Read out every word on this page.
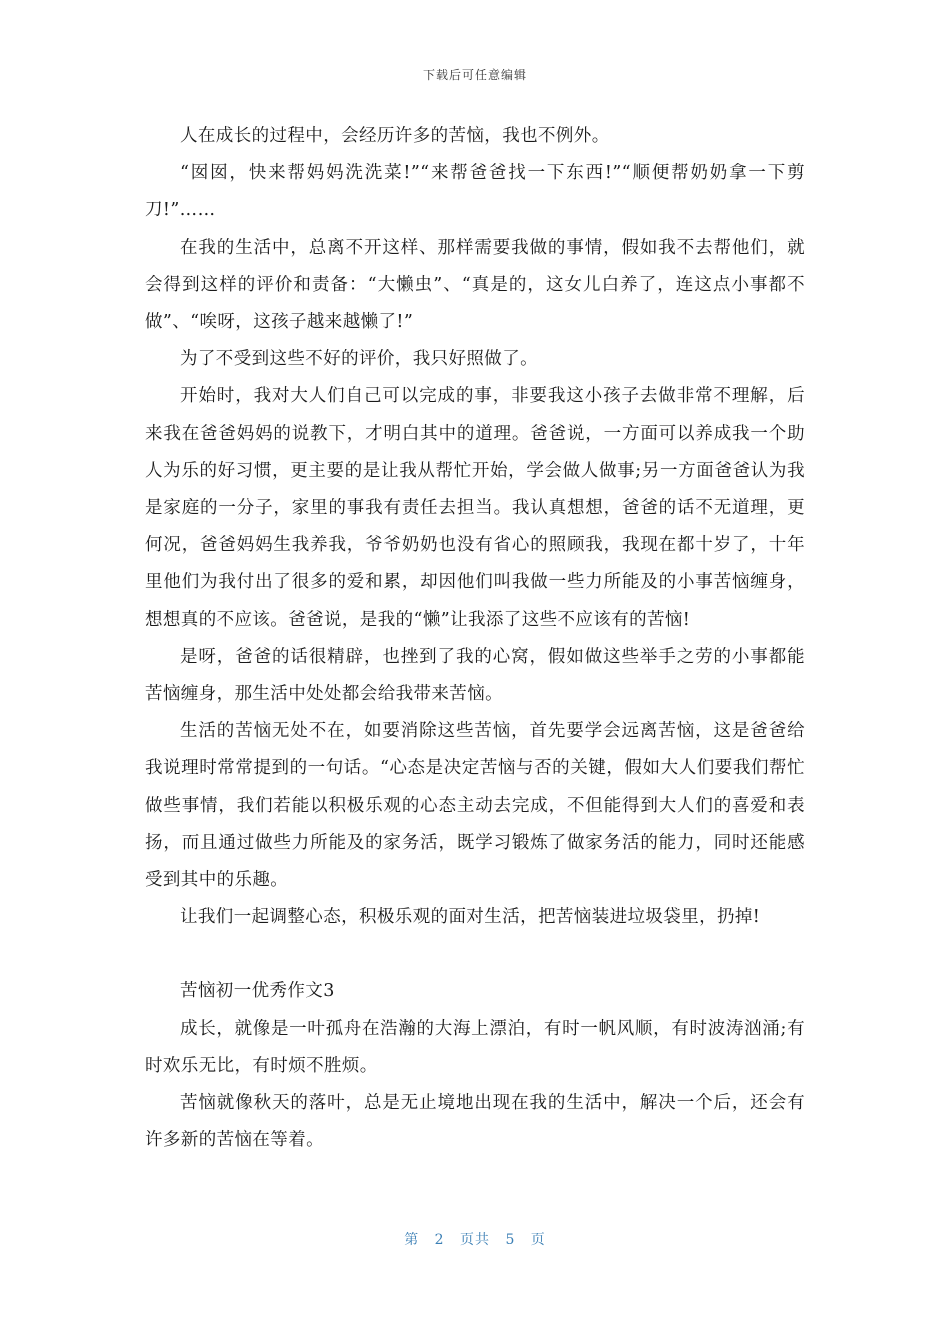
下载后可任意编辑

人在成长的过程中，会经历许多的苦恼，我也不例外。

“囡囡，快来帮妈妈洗洗菜!”“来帮爸爸找一下东西!”“顺便帮奶奶拿一下剪刀!”……

在我的生活中，总离不开这样、那样需要我做的事情，假如我不去帮他们，就会得到这样的评价和责备：“大懒虫”、“真是的，这女儿白养了，连这点小事都不做”、“唉呀，这孩子越来越懒了!”

为了不受到这些不好的评价，我只好照做了。

开始时，我对大人们自己可以完成的事，非要我这小孩子去做非常不理解，后来我在爸爸妈妈的说教下，才明白其中的道理。爸爸说，一方面可以养成我一个助人为乐的好习惯，更主要的是让我从帮忙开始，学会做人做事;另一方面爸爸认为我是家庭的一分子，家里的事我有责任去担当。我认真想想，爸爸的话不无道理，更何况，爸爸妈妈生我养我，爷爷奶奶也没有省心的照顾我，我现在都十岁了，十年里他们为我付出了很多的爱和累，却因他们叫我做一些力所能及的小事苦恼缠身，想想真的不应该。爸爸说，是我的“懒”让我添了这些不应该有的苦恼!

是呀，爸爸的话很精辟，也挫到了我的心窝，假如做这些举手之劳的小事都能苦恼缠身，那生活中处处都会给我带来苦恼。

生活的苦恼无处不在，如要消除这些苦恼，首先要学会远离苦恼，这是爸爸给我说理时常常提到的一句话。“心态是决定苦恼与否的关键，假如大人们要我们帮忙做些事情，我们若能以积极乐观的心态主动去完成，不但能得到大人们的喜爱和表扬，而且通过做些力所能及的家务活，既学习锻炼了做家务活的能力，同时还能感受到其中的乐趣。

让我们一起调整心态，积极乐观的面对生活，把苦恼装进垃圾袋里，扔掉!

苦恼初一优秀作文3

成长，就像是一叶孤舟在浩瀚的大海上漂泊，有时一帆风顺，有时波涛汹涌;有时欢乐无比，有时烦不胜烦。

苦恼就像秋天的落叶，总是无止境地出现在我的生活中，解决一个后，还会有许多新的苦恼在等着。

第 2 页共 5 页
